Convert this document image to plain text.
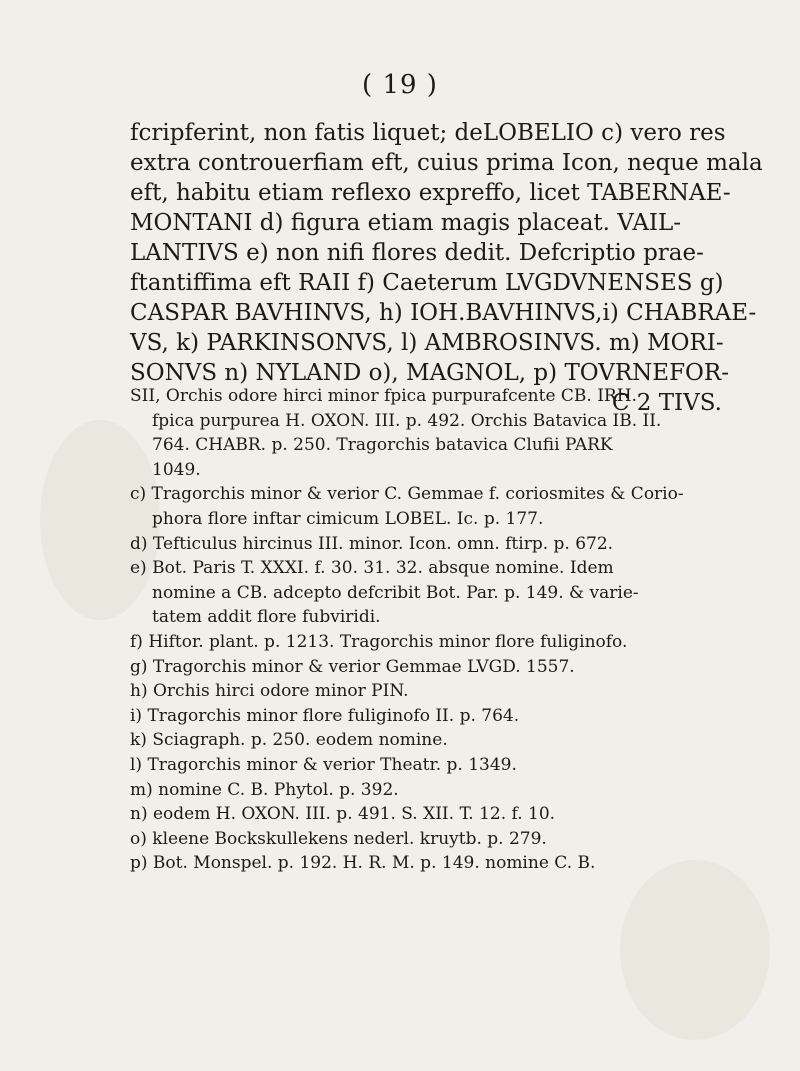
( 19 )
fcripferint, non fatis liquet; deLOBELIO c) vero res
extra controuerfiam eft, cuius prima Icon, neque mala
eft, habitu etiam reflexo expreffo, licet TABERNAE-
MONTANI d) figura etiam magis placeat. VAIL-
LANTIVS e) non nifi flores dedit. Defcriptio prae-
ftantiffima eft RAII f) Caeterum LVGDVNENSES g)
CASPAR BAVHINVS, h) IOH.BAVHINVS,i) CHABRAE-
VS, k) PARKINSONVS, l) AMBROSINVS. m) MORI-
SONVS n) NYLAND o), MAGNOL, p) TOVRNEFOR-
C 2 TIVS.
SII, Orchis odore hirci minor fpica purpurafcente CB. IRH.
fpica purpurea H. OXON. III. p. 492. Orchis Batavica IB. II.
764. CHABR. p. 250. Tragorchis batavica Clufii PARK
1049.
c) Tragorchis minor & verior C. Gemmae f. coriosmites & Corio-
phora flore inftar cimicum LOBEL. Ic. p. 177.
d) Tefticulus hircinus III. minor. Icon. omn. ftirp. p. 672.
e) Bot. Paris T. XXXI. f. 30. 31. 32. absque nomine. Idem
nomine a CB. adcepto defcribit Bot. Par. p. 149. & varie-
tatem addit flore fubviridi.
f) Hiftor. plant. p. 1213. Tragorchis minor flore fuliginofo.
g) Tragorchis minor & verior Gemmae LVGD. 1557.
h) Orchis hirci odore minor PIN.
i) Tragorchis minor flore fuliginofo II. p. 764.
k) Sciagraph. p. 250. eodem nomine.
l) Tragorchis minor & verior Theatr. p. 1349.
m) nomine C. B. Phytol. p. 392.
n) eodem H. OXON. III. p. 491. S. XII. T. 12. f. 10.
o) kleene Bockskullekens nederl. kruytb. p. 279.
p) Bot. Monspel. p. 192. H. R. M. p. 149. nomine C. B.
